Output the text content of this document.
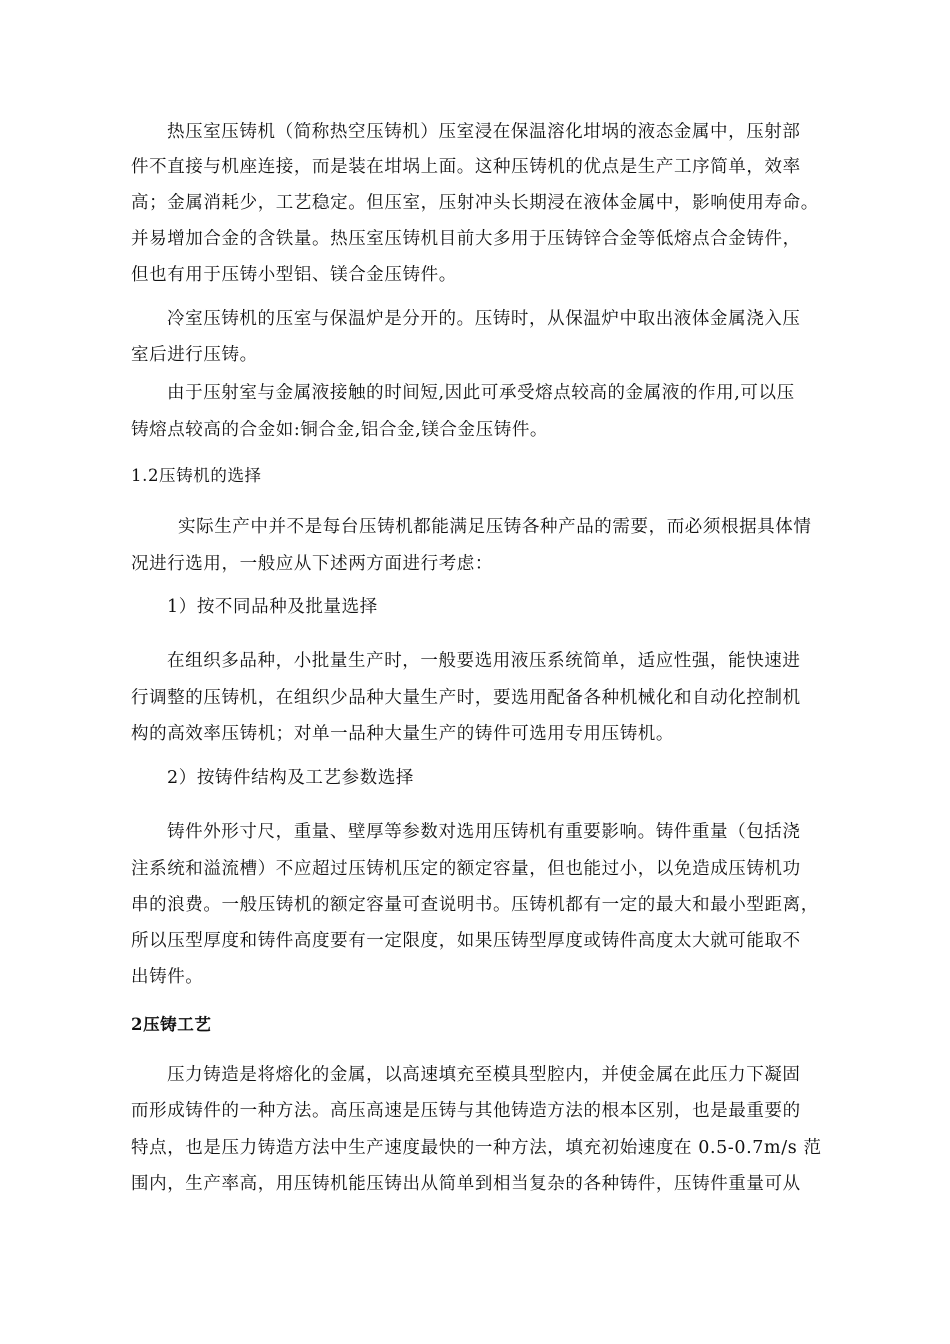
热压室压铸机（简称热空压铸机）压室浸在保温溶化坩埚的液态金属中，压射部
件不直接与机座连接，而是装在坩埚上面。这种压铸机的优点是生产工序简单，效率
高；金属消耗少，工艺稳定。但压室，压射冲头长期浸在液体金属中，影响使用寿命。
并易增加合金的含铁量。热压室压铸机目前大多用于压铸锌合金等低熔点合金铸件，
但也有用于压铸小型铝、镁合金压铸件。
冷室压铸机的压室与保温炉是分开的。压铸时，从保温炉中取出液体金属浇入压
室后进行压铸。
由于压射室与金属液接触的时间短,因此可承受熔点较高的金属液的作用,可以压
铸熔点较高的合金如:铜合金,铝合金,镁合金压铸件。
1.2压铸机的选择
实际生产中并不是每台压铸机都能满足压铸各种产品的需要，而必须根据具体情
况进行选用，一般应从下述两方面进行考虑：
1）按不同品种及批量选择
在组织多品种，小批量生产时，一般要选用液压系统简单，适应性强，能快速进
行调整的压铸机，在组织少品种大量生产时，要选用配备各种机械化和自动化控制机
构的高效率压铸机；对单一品种大量生产的铸件可选用专用压铸机。
2）按铸件结构及工艺参数选择
铸件外形寸尺，重量、壁厚等参数对选用压铸机有重要影响。铸件重量（包括浇
注系统和溢流槽）不应超过压铸机压定的额定容量，但也能过小，以免造成压铸机功
串的浪费。一般压铸机的额定容量可查说明书。压铸机都有一定的最大和最小型距离，
所以压型厚度和铸件高度要有一定限度，如果压铸型厚度或铸件高度太大就可能取不
出铸件。
2压铸工艺
压力铸造是将熔化的金属，以高速填充至模具型腔内，并使金属在此压力下凝固
而形成铸件的一种方法。高压高速是压铸与其他铸造方法的根本区别，也是最重要的
特点，也是压力铸造方法中生产速度最快的一种方法，填充初始速度在 0.5-0.7m/s 范
围内，生产率高，用压铸机能压铸出从简单到相当复杂的各种铸件，压铸件重量可从
